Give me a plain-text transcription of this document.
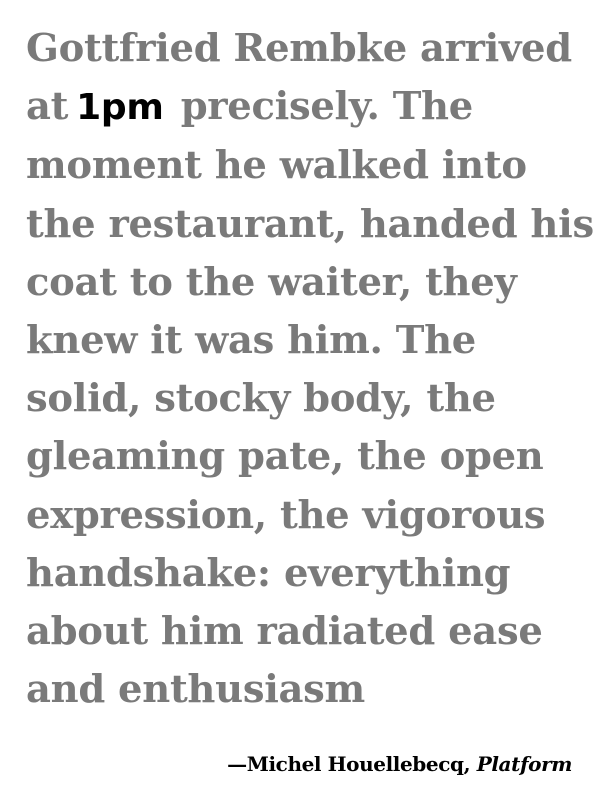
Gottfried Rembke arrived
at 1pm precisely. The
moment he walked into
the restaurant, handed his
coat to the waiter, they
knew it was him. The
solid, stocky body, the
gleaming pate, the open
expression, the vigorous
handshake: everything
about him radiated ease
and enthusiasm
—Michel Houellebecq, Platform
